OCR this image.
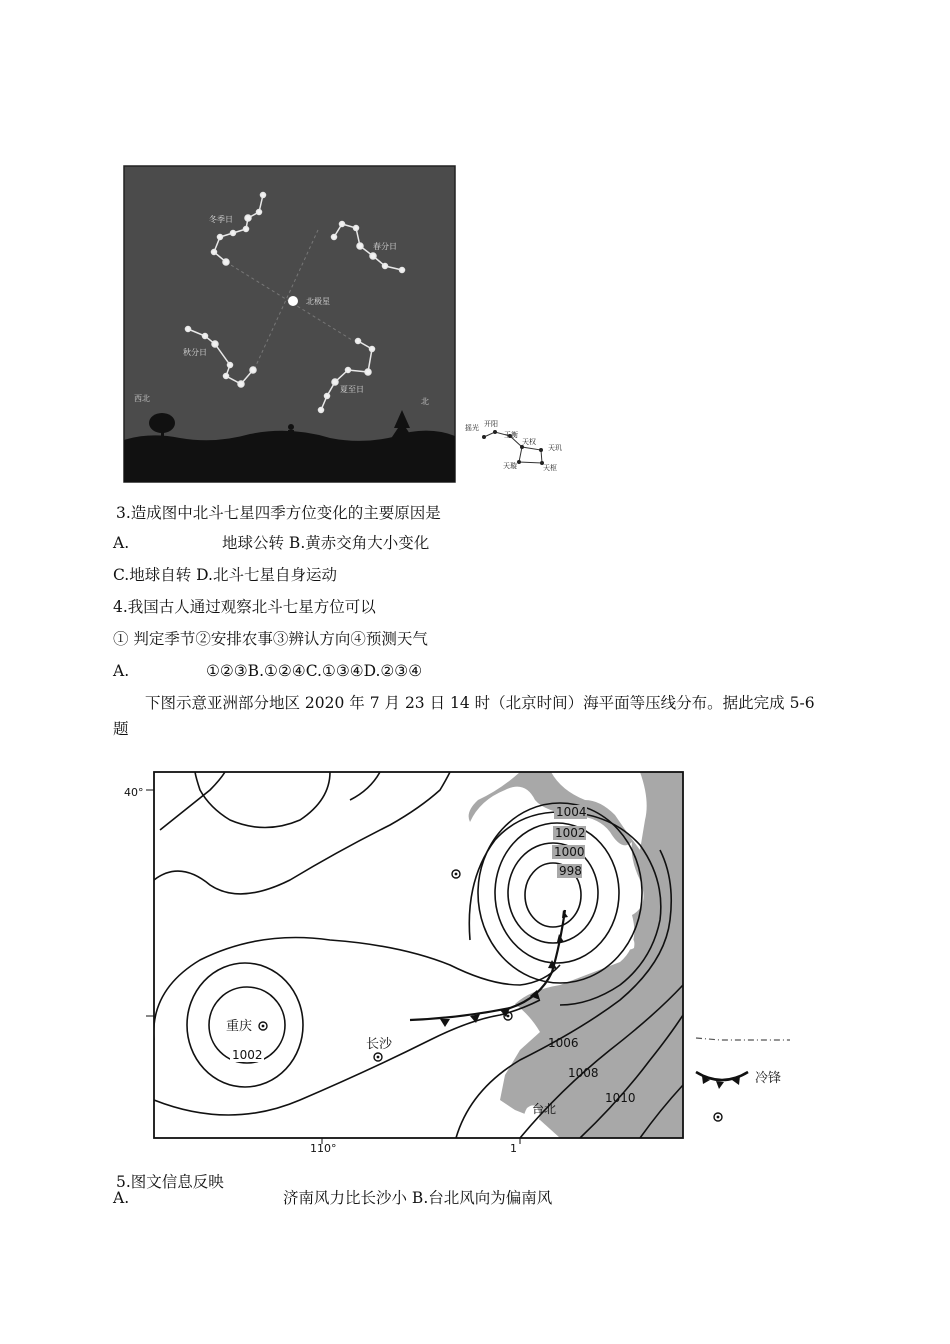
冬季日
春分日
北极星
秋分日
夏至日
西北	北
摇光 开阳
玉衡
天权
天玑
天枢
天璇
3.造成图中北斗七星四季方位变化的主要原因是
A.	地球公转 B.黄赤交角大小变化
C.地球自转 D.北斗七星自身运动
4.我国古人通过观察北斗七星方位可以
① 判定季节②安排农事③辨认方向④预测天气
A.	①②③B.①②④C.①③④D.②③④
下图示意亚洲部分地区 2020 年 7 月 23 日 14 时（北京时间）海平面等压线分布。据此完成 5-6 题
40°
110°	1
重庆
长沙
台北
1004
1002
1000
998
1002
1006
1008
1010
冷锋
5.图文信息反映
A.	济南风力比长沙小 B.台北风向为偏南风
